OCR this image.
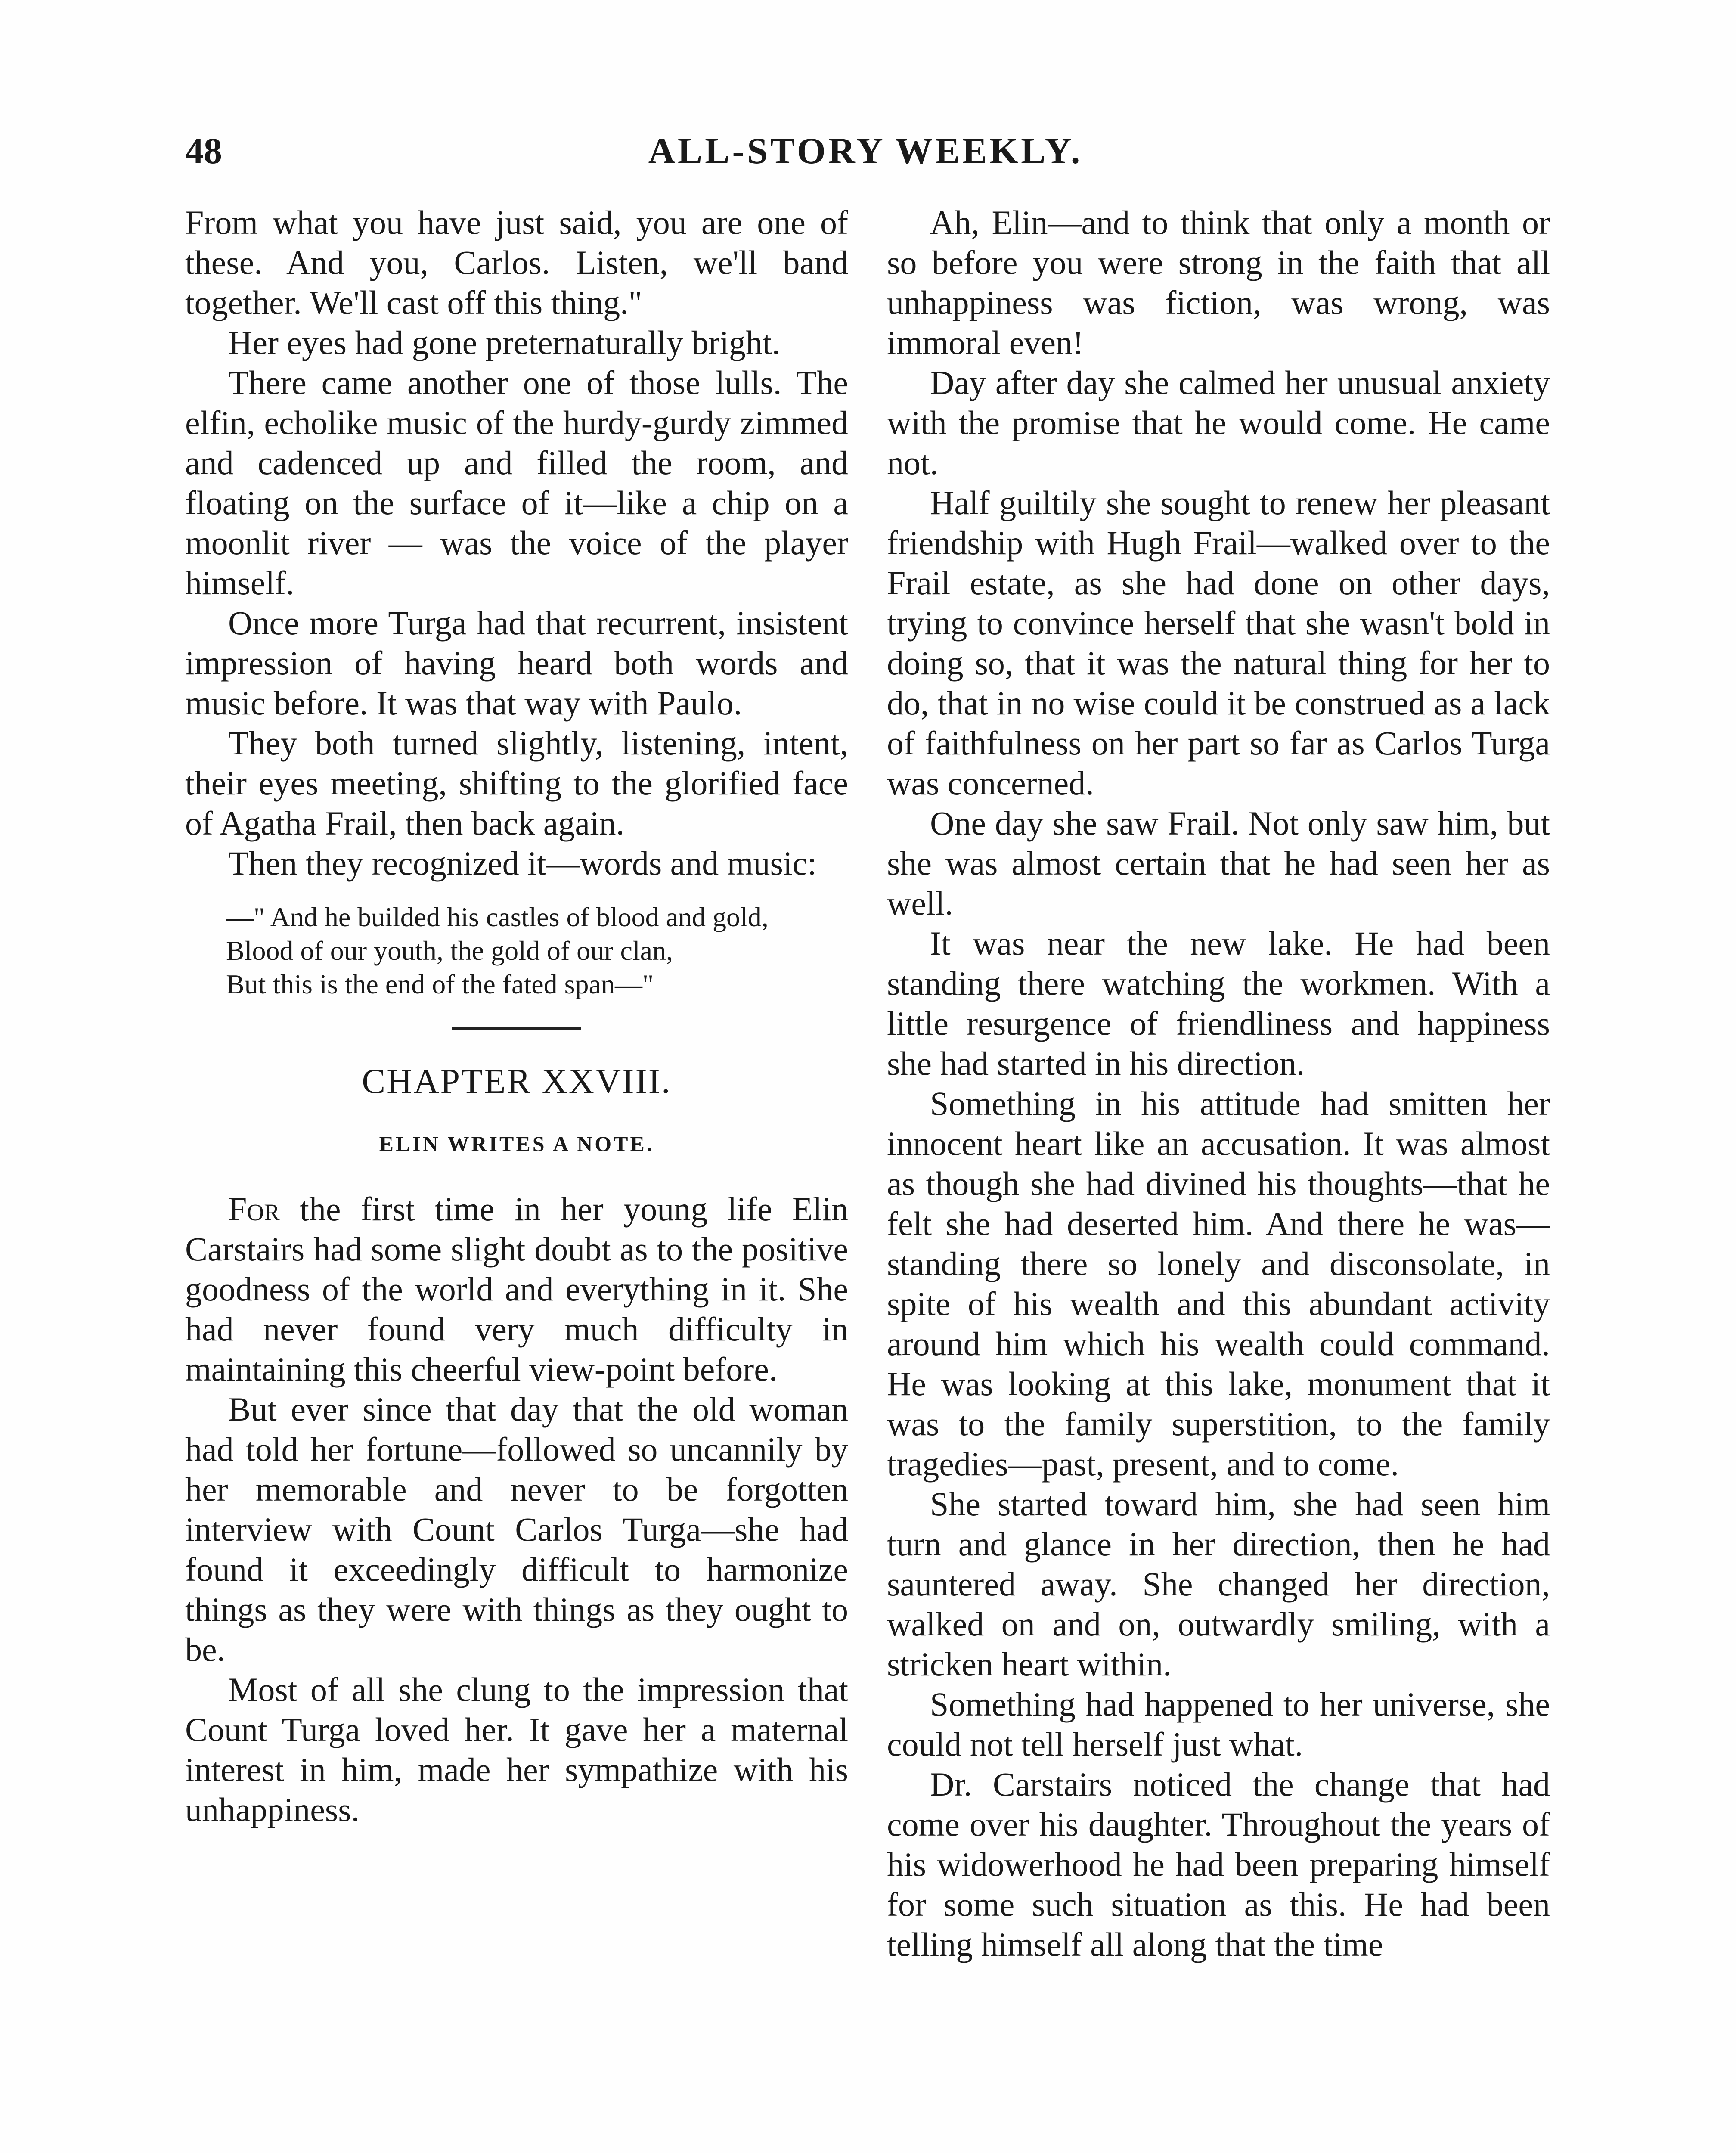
48	ALL-STORY WEEKLY.

From what you have just said, you are one of these. And you, Carlos. Listen, we'll band together. We'll cast off this thing."

Her eyes had gone preternaturally bright.

There came another one of those lulls. The elfin, echolike music of the hurdy-gurdy zimmed and cadenced up and filled the room, and floating on the surface of it—like a chip on a moonlit river — was the voice of the player himself.

Once more Turga had that recurrent, insistent impression of having heard both words and music before. It was that way with Paulo.

They both turned slightly, listening, intent, their eyes meeting, shifting to the glorified face of Agatha Frail, then back again.

Then they recognized it—words and music:

—" And he builded his castles of blood and gold,
Blood of our youth, the gold of our clan,
But this is the end of the fated span—"
CHAPTER XXVIII.
ELIN WRITES A NOTE.

For the first time in her young life Elin Carstairs had some slight doubt as to the positive goodness of the world and everything in it. She had never found very much difficulty in maintaining this cheerful view-point before.

But ever since that day that the old woman had told her fortune—followed so uncannily by her memorable and never to be forgotten interview with Count Carlos Turga—she had found it exceedingly difficult to harmonize things as they were with things as they ought to be.

Most of all she clung to the impression that Count Turga loved her. It gave her a maternal interest in him, made her sympathize with his unhappiness.

Ah, Elin—and to think that only a month or so before you were strong in the faith that all unhappiness was fiction, was wrong, was immoral even!

Day after day she calmed her unusual anxiety with the promise that he would come. He came not.

Half guiltily she sought to renew her pleasant friendship with Hugh Frail—walked over to the Frail estate, as she had done on other days, trying to convince herself that she wasn't bold in doing so, that it was the natural thing for her to do, that in no wise could it be construed as a lack of faithfulness on her part so far as Carlos Turga was concerned.

One day she saw Frail. Not only saw him, but she was almost certain that he had seen her as well.

It was near the new lake. He had been standing there watching the workmen. With a little resurgence of friendliness and happiness she had started in his direction.

Something in his attitude had smitten her innocent heart like an accusation. It was almost as though she had divined his thoughts—that he felt she had deserted him. And there he was—standing there so lonely and disconsolate, in spite of his wealth and this abundant activity around him which his wealth could command. He was looking at this lake, monument that it was to the family superstition, to the family tragedies—past, present, and to come.

She started toward him, she had seen him turn and glance in her direction, then he had sauntered away. She changed her direction, walked on and on, outwardly smiling, with a stricken heart within.

Something had happened to her universe, she could not tell herself just what.

Dr. Carstairs noticed the change that had come over his daughter. Throughout the years of his widowerhood he had been preparing himself for some such situation as this. He had been telling himself all along that the time
